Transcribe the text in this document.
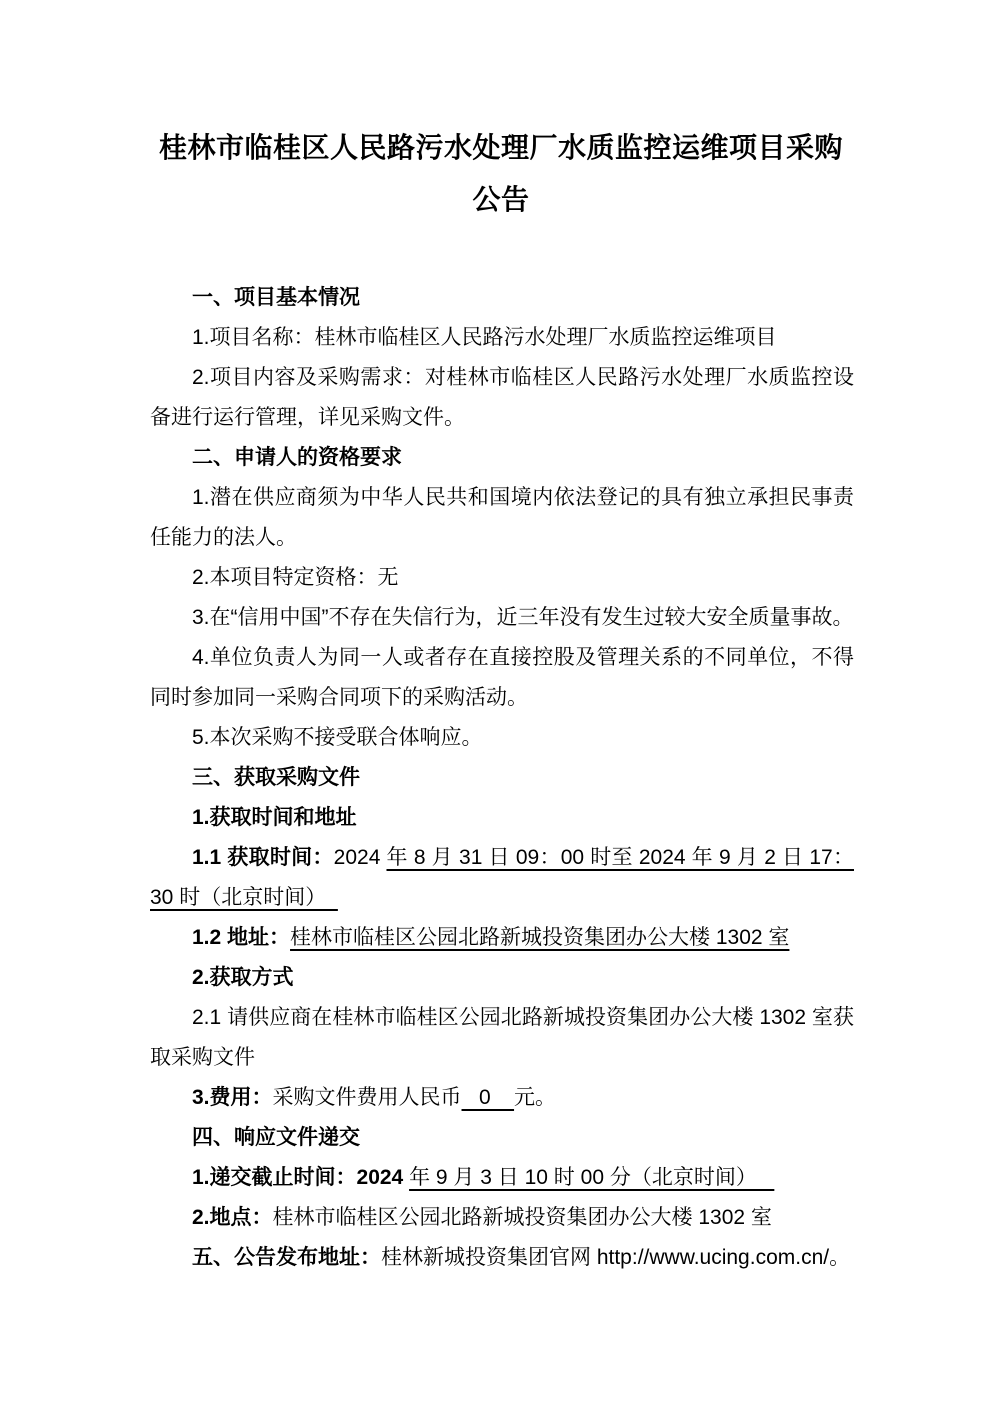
桂林市临桂区人民路污水处理厂水质监控运维项目采购公告

一、项目基本情况

1.项目名称：桂林市临桂区人民路污水处理厂水质监控运维项目

2.项目内容及采购需求：对桂林市临桂区人民路污水处理厂水质监控设备进行运行管理，详见采购文件。

二、申请人的资格要求

1.潜在供应商须为中华人民共和国境内依法登记的具有独立承担民事责任能力的法人。

2.本项目特定资格：无

3.在“信用中国”不存在失信行为，近三年没有发生过较大安全质量事故。

4.单位负责人为同一人或者存在直接控股及管理关系的不同单位，不得同时参加同一采购合同项下的采购活动。

5.本次采购不接受联合体响应。

三、获取采购文件

1.获取时间和地址

1.1 获取时间：2024 年 8 月 31 日 09：00 时至 2024 年 9 月 2 日 17：30 时（北京时间）

1.2 地址：桂林市临桂区公园北路新城投资集团办公大楼 1302 室

2.获取方式

2.1 请供应商在桂林市临桂区公园北路新城投资集团办公大楼 1302 室获取采购文件

3.费用：采购文件费用人民币   0    元。

四、响应文件递交

1.递交截止时间：2024 年 9 月 3 日 10 时 00 分（北京时间）

2.地点：桂林市临桂区公园北路新城投资集团办公大楼 1302 室

五、公告发布地址：桂林新城投资集团官网 http://www.ucing.com.cn/。
